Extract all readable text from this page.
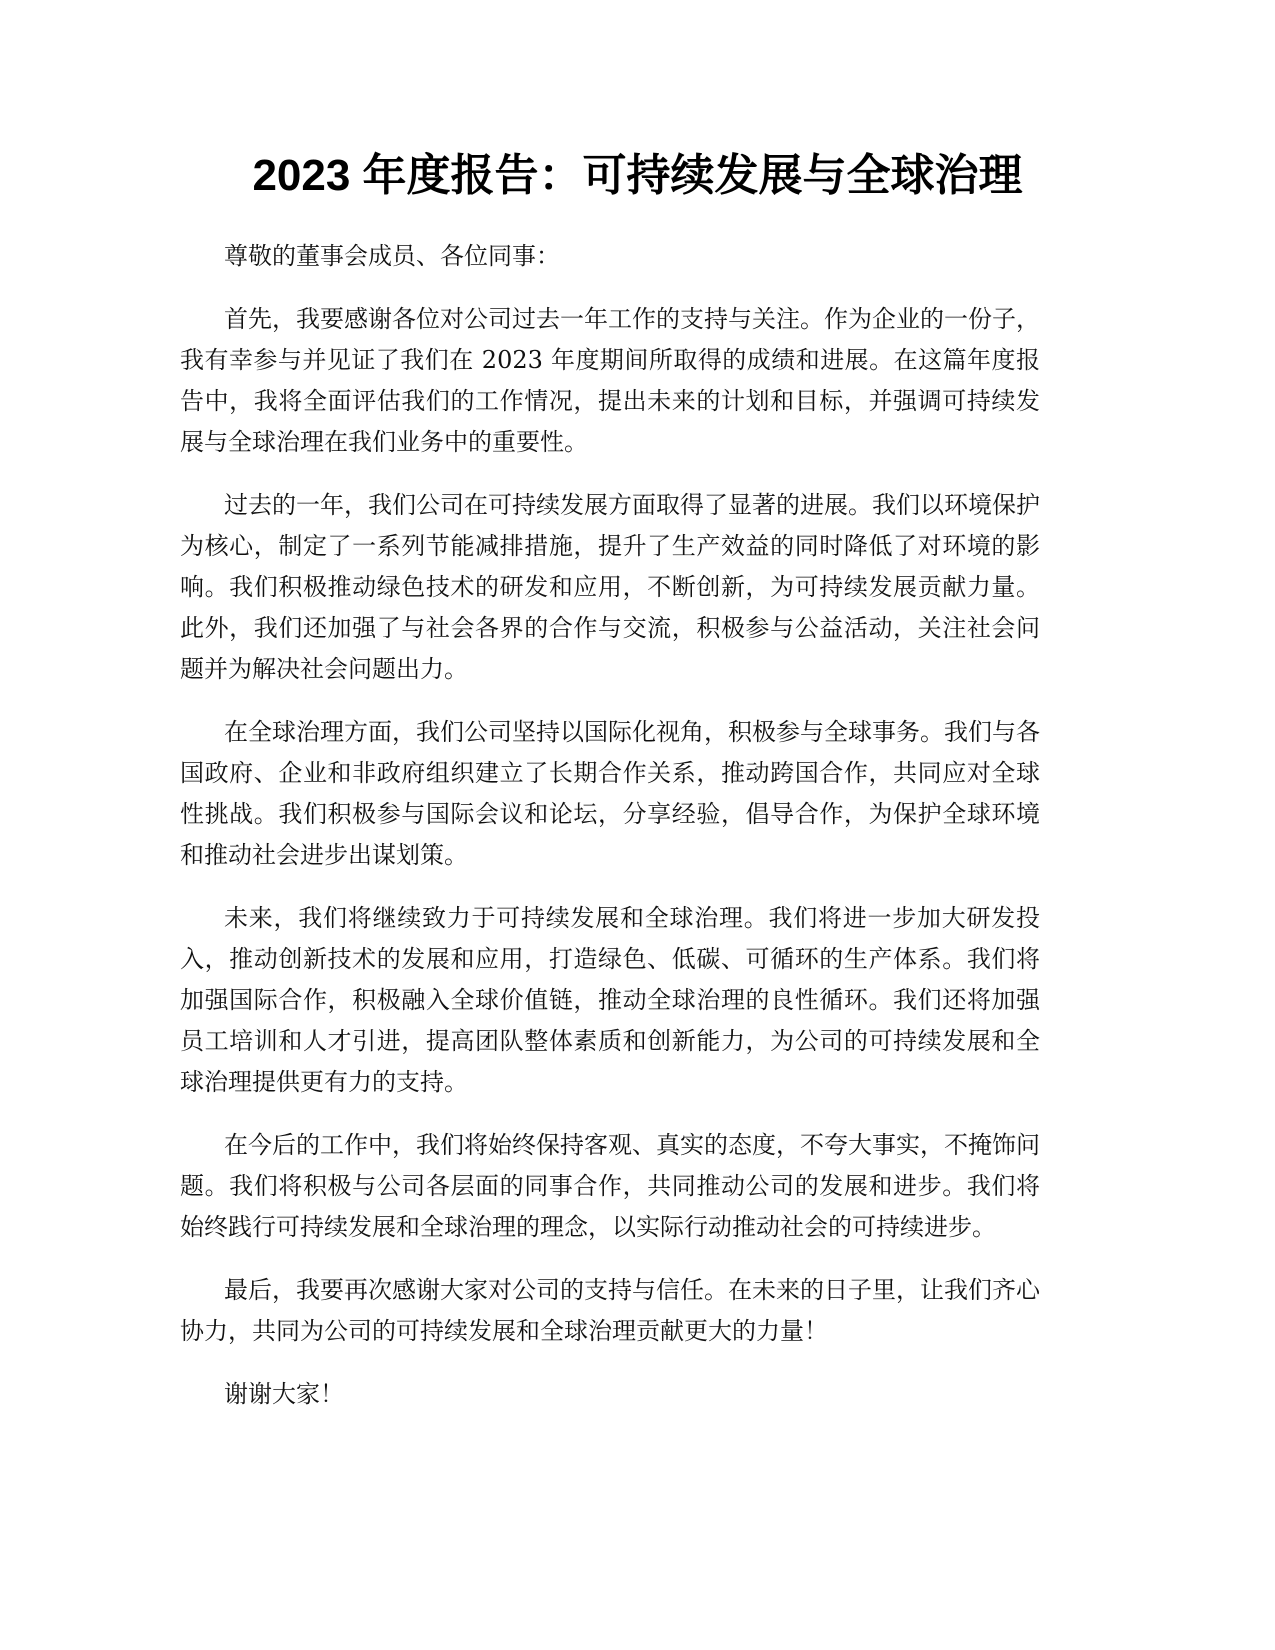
2023 年度报告：可持续发展与全球治理

尊敬的董事会成员、各位同事：

首先，我要感谢各位对公司过去一年工作的支持与关注。作为企业的一份子，我有幸参与并见证了我们在 2023 年度期间所取得的成绩和进展。在这篇年度报告中，我将全面评估我们的工作情况，提出未来的计划和目标，并强调可持续发展与全球治理在我们业务中的重要性。

过去的一年，我们公司在可持续发展方面取得了显著的进展。我们以环境保护为核心，制定了一系列节能减排措施，提升了生产效益的同时降低了对环境的影响。我们积极推动绿色技术的研发和应用，不断创新，为可持续发展贡献力量。此外，我们还加强了与社会各界的合作与交流，积极参与公益活动，关注社会问题并为解决社会问题出力。

在全球治理方面，我们公司坚持以国际化视角，积极参与全球事务。我们与各国政府、企业和非政府组织建立了长期合作关系，推动跨国合作，共同应对全球性挑战。我们积极参与国际会议和论坛，分享经验，倡导合作，为保护全球环境和推动社会进步出谋划策。

未来，我们将继续致力于可持续发展和全球治理。我们将进一步加大研发投入，推动创新技术的发展和应用，打造绿色、低碳、可循环的生产体系。我们将加强国际合作，积极融入全球价值链，推动全球治理的良性循环。我们还将加强员工培训和人才引进，提高团队整体素质和创新能力，为公司的可持续发展和全球治理提供更有力的支持。

在今后的工作中，我们将始终保持客观、真实的态度，不夸大事实，不掩饰问题。我们将积极与公司各层面的同事合作，共同推动公司的发展和进步。我们将始终践行可持续发展和全球治理的理念，以实际行动推动社会的可持续进步。

最后，我要再次感谢大家对公司的支持与信任。在未来的日子里，让我们齐心协力，共同为公司的可持续发展和全球治理贡献更大的力量！

谢谢大家！
